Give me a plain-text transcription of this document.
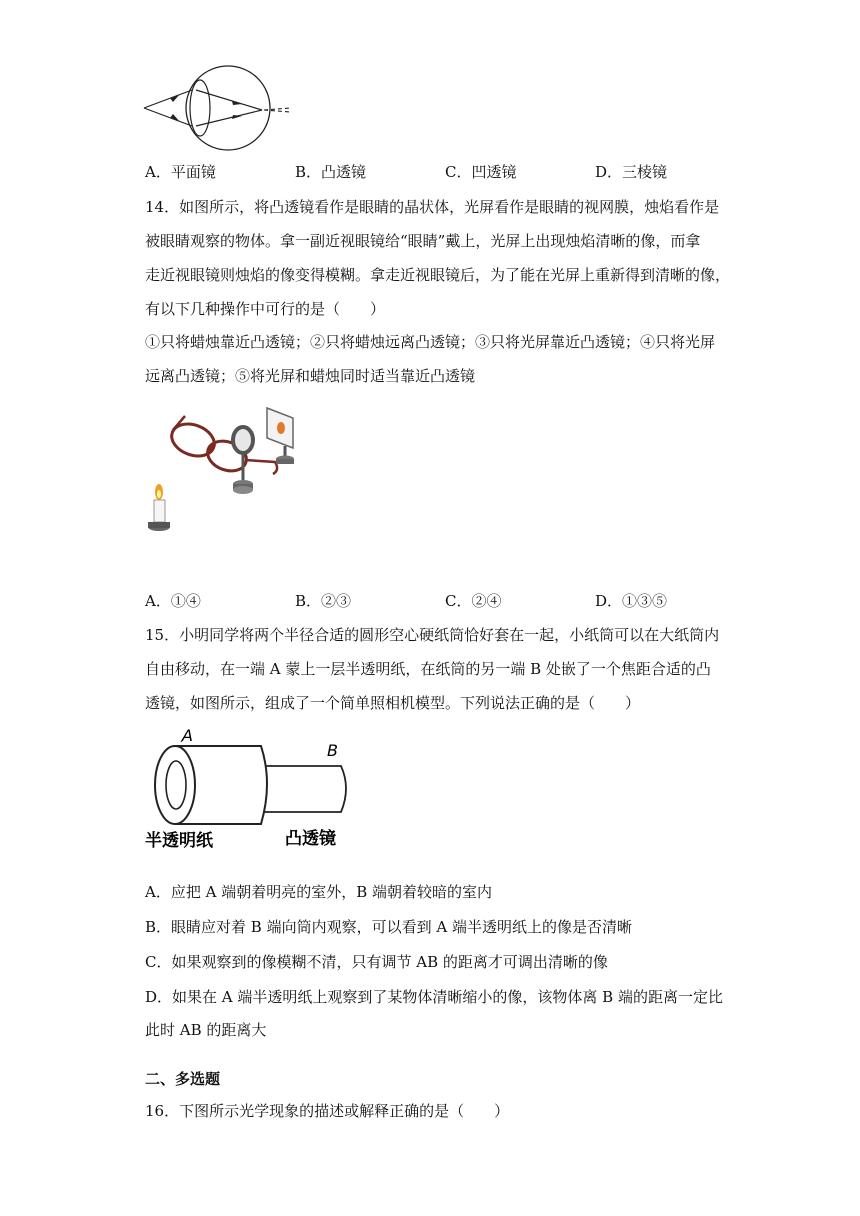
A．平面镜	B．凸透镜	C．凹透镜	D．三棱镜
14．如图所示，将凸透镜看作是眼睛的晶状体，光屏看作是眼睛的视网膜，烛焰看作是
被眼睛观察的物体。拿一副近视眼镜给“眼睛”戴上，光屏上出现烛焰清晰的像，而拿
走近视眼镜则烛焰的像变得模糊。拿走近视眼镜后，为了能在光屏上重新得到清晰的像，
有以下几种操作中可行的是（　　）
①只将蜡烛靠近凸透镜；②只将蜡烛远离凸透镜；③只将光屏靠近凸透镜；④只将光屏
远离凸透镜；⑤将光屏和蜡烛同时适当靠近凸透镜
A．①④	B．②③	C．②④	D．①③⑤
15．小明同学将两个半径合适的圆形空心硬纸筒恰好套在一起，小纸筒可以在大纸筒内
自由移动，在一端 A 蒙上一层半透明纸，在纸筒的另一端 B 处嵌了一个焦距合适的凸
透镜，如图所示，组成了一个简单照相机模型。下列说法正确的是（　　）
A
B
半透明纸	凸透镜
A．应把 A 端朝着明亮的室外，B 端朝着较暗的室内
B．眼睛应对着 B 端向筒内观察，可以看到 A 端半透明纸上的像是否清晰
C．如果观察到的像模糊不清，只有调节 AB 的距离才可调出清晰的像
D．如果在 A 端半透明纸上观察到了某物体清晰缩小的像，该物体离 B 端的距离一定比
此时 AB 的距离大
二、多选题
16．下图所示光学现象的描述或解释正确的是（　　）
